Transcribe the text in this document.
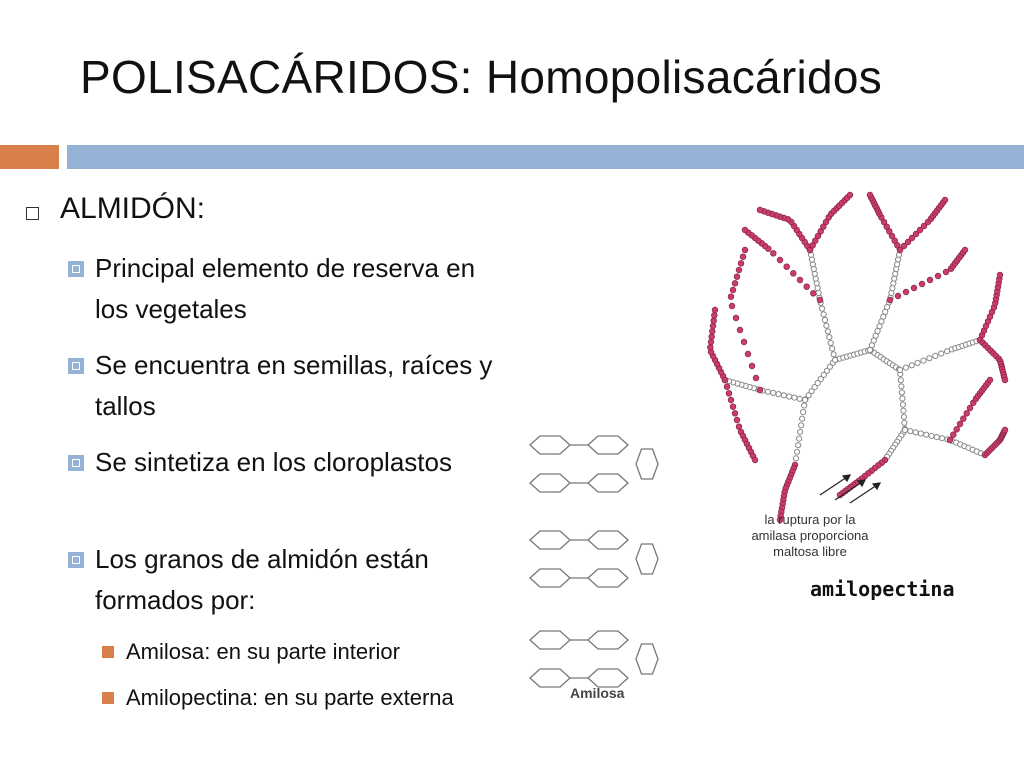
POLISACÁRIDOS: Homopolisacáridos
ALMIDÓN:
Principal elemento de reserva en los vegetales
Se encuentra en semillas, raíces y tallos
Se sintetiza en los cloroplastos
Los granos de almidón están formados por:
Amilosa: en su parte interior
Amilopectina: en su parte externa	Amilosa
la ruptura por la
amilasa proporciona
maltosa libre
amilopectina
